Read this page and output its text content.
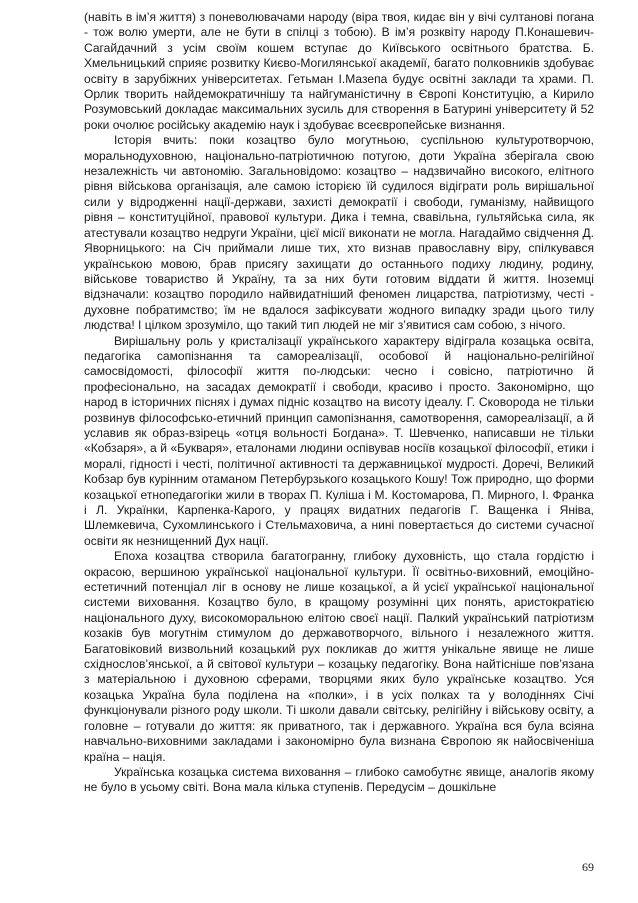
(навіть в ім’я життя) з поневолювачами народу (віра твоя, кидає він у вічі султанові погана - тож волю умерти, але не бути в спілці з тобою). В ім’я розквіту народу П.Конашевич-Сагайдачний з усім своїм кошем вступає до Київського освітнього братства. Б. Хмельницький сприяє розвитку Києво-Могилянської академії, багато полковників здобуває освіту в зарубіжних університетах. Гетьман І.Мазепа будує освітні заклади та храми. П. Орлик творить найдемократичнішу та найгуманістичну в Європі Конституцію, а Кирило Розумовський докладає максимальних зусиль для створення в Батурині університету й 52 роки очолює російську академію наук і здобуває всеєвропейське визнання.

Історія вчить: поки козацтво було могутньою, суспільною культуротворчою, моральнодуховною, національно-патріотичною потугою, доти Україна зберігала свою незалежність чи автономію. Загальновідомо: козацтво – надзвичайно високого, елітного рівня військова організація, але самою історією їй судилося відіграти роль вирішальної сили у відродженні нації-держави, захисті демократії і свободи, гуманізму, найвищого рівня – конституційної, правової культури. Дика і темна, свавільна, гультяйська сила, як атестували козацтво недруги України, цієї місії виконати не могла. Нагадаймо свідчення Д. Яворницького: на Січ приймали лише тих, хто визнав православну віру, спілкувався українською мовою, брав присягу захищати до останнього подиху людину, родину, військове товариство й Україну, та за них бути готовим віддати й життя. Іноземці відзначали: козацтво породило найвидатніший феномен лицарства, патріотизму, честі - духовне побратимство; їм не вдалося зафіксувати жодного випадку зради цього тилу людства! І цілком зрозуміло, що такий тип людей не міг з’явитися сам собою, з нічого.

Вирішальну роль у кристалізації українського характеру відіграла козацька освіта, педагогіка самопізнання та самореалізації, особової й національно-релігійної самосвідомості, філософії життя по-людськи: чесно і совісно, патріотично й професіонально, на засадах демократії і свободи, красиво і просто. Закономірно, що народ в історичних піснях і думах підніс козацтво на висоту ідеалу. Г. Сковорода не тільки розвинув філософсько-етичний принцип самопізнання, самотворення, самореалізації, а й уславив як образ-взірець «отця вольності Богдана». Т. Шевченко, написавши не тільки «Кобзаря», а й «Букваря», еталонами людини оспівував носіїв козацької філософії, етики і моралі, гідності і честі, політичної активності та державницької мудрості. Доречі, Великий Кобзар був курінним отаманом Петербурзького козацького Кошу! Тож природно, що форми козацької етнопедагогіки жили в творах П. Куліша і М. Костомарова, П. Мирного, І. Франка і Л. Українки, Карпенка-Карого, у працях видатних педагогів Г. Ващенка і Яніва, Шлемкевича, Сухомлинського і Стельмаховича, а нині повертається до системи сучасної освіти як незнищенний Дух нації.

Епоха козацтва створила багатогранну, глибоку духовність, що стала гордістю і окрасою, вершиною української національної культури. Її освітньо-виховний, емоційно-естетичний потенціал ліг в основу не лише козацької, а й усієї української національної системи виховання. Козацтво було, в кращому розумінні цих понять, аристократією національного духу, високоморальною елітою своєї нації. Палкий український патріотизм козаків був могутнім стимулом до державотворчого, вільного і незалежного життя. Багатовіковий визвольний козацький рух покликав до життя унікальне явище не лише східнослов’янської, а й світової культури – козацьку педагогіку. Вона найтісніше пов’язана з матеріальною і духовною сферами, творцями яких було українське козацтво. Уся козацька Україна була поділена на «полки», і в усіх полках та у володіннях Січі функціонували різного роду школи. Ті школи давали світську, релігійну і військову освіту, а головне – готували до життя: як приватного, так і державного. Україна вся була всіяна навчально-виховними закладами і закономірно була визнана Європою як найосвіченіша країна – нація.

Українська козацька система виховання – глибоко самобутнє явище, аналогів якому не було в усьому світі. Вона мала кілька ступенів. Передусім – дошкільне

69
